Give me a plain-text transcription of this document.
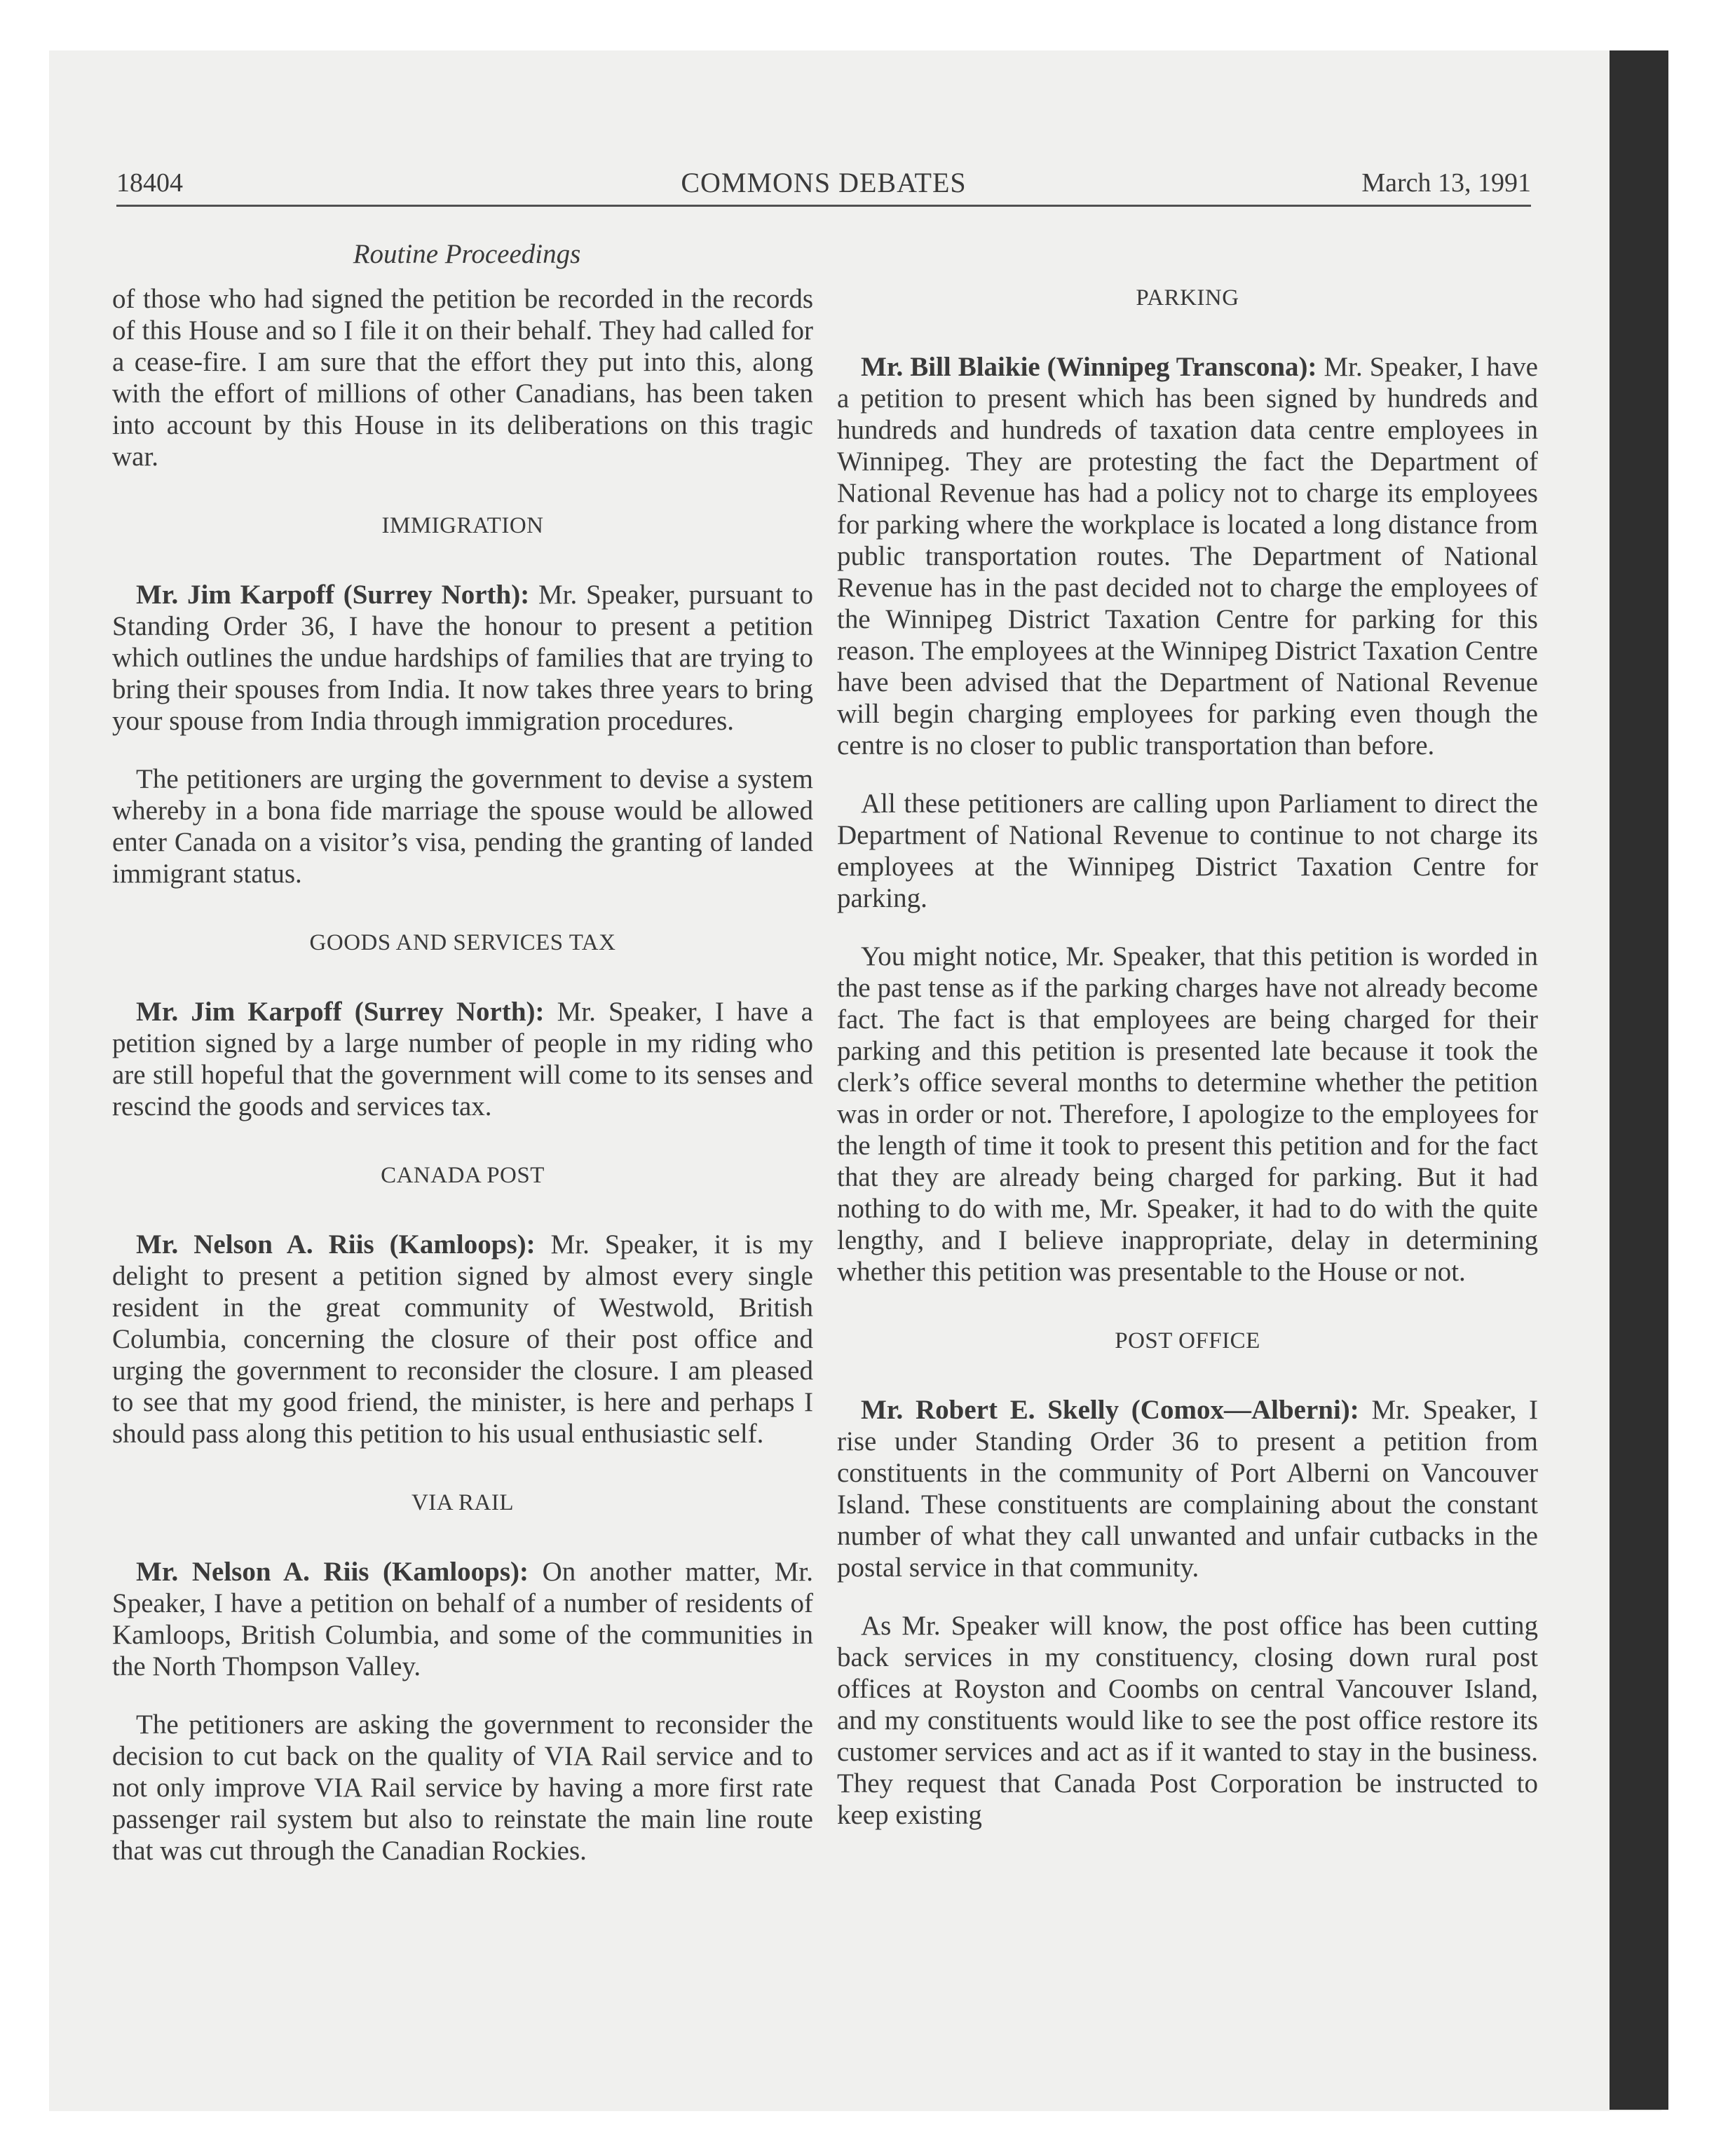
18404	COMMONS DEBATES	March 13, 1991
Routine Proceedings

of those who had signed the petition be recorded in the records of this House and so I file it on their behalf. They had called for a cease-fire. I am sure that the effort they put into this, along with the effort of millions of other Canadians, has been taken into account by this House in its deliberations on this tragic war.

IMMIGRATION

Mr. Jim Karpoff (Surrey North): Mr. Speaker, pursuant to Standing Order 36, I have the honour to present a petition which outlines the undue hardships of families that are trying to bring their spouses from India. It now takes three years to bring your spouse from India through immigration procedures.

The petitioners are urging the government to devise a system whereby in a bona fide marriage the spouse would be allowed enter Canada on a visitor’s visa, pending the granting of landed immigrant status.

GOODS AND SERVICES TAX

Mr. Jim Karpoff (Surrey North): Mr. Speaker, I have a petition signed by a large number of people in my riding who are still hopeful that the government will come to its senses and rescind the goods and services tax.

CANADA POST

Mr. Nelson A. Riis (Kamloops): Mr. Speaker, it is my delight to present a petition signed by almost every single resident in the great community of Westwold, British Columbia, concerning the closure of their post office and urging the government to reconsider the closure. I am pleased to see that my good friend, the minister, is here and perhaps I should pass along this petition to his usual enthusiastic self.

VIA RAIL

Mr. Nelson A. Riis (Kamloops): On another matter, Mr. Speaker, I have a petition on behalf of a number of residents of Kamloops, British Columbia, and some of the communities in the North Thompson Valley.

The petitioners are asking the government to reconsider the decision to cut back on the quality of VIA Rail service and to not only improve VIA Rail service by having a more first rate passenger rail system but also to reinstate the main line route that was cut through the Canadian Rockies.

PARKING

Mr. Bill Blaikie (Winnipeg Transcona): Mr. Speaker, I have a petition to present which has been signed by hundreds and hundreds and hundreds of taxation data centre employees in Winnipeg. They are protesting the fact the Department of National Revenue has had a policy not to charge its employees for parking where the workplace is located a long distance from public transportation routes. The Department of National Revenue has in the past decided not to charge the employees of the Winnipeg District Taxation Centre for parking for this reason. The employees at the Winnipeg District Taxation Centre have been advised that the Department of National Revenue will begin charging employees for parking even though the centre is no closer to public transportation than before.

All these petitioners are calling upon Parliament to direct the Department of National Revenue to continue to not charge its employees at the Winnipeg District Taxation Centre for parking.

You might notice, Mr. Speaker, that this petition is worded in the past tense as if the parking charges have not already become fact. The fact is that employees are being charged for their parking and this petition is presented late because it took the clerk’s office several months to determine whether the petition was in order or not. Therefore, I apologize to the employees for the length of time it took to present this petition and for the fact that they are already being charged for parking. But it had nothing to do with me, Mr. Speaker, it had to do with the quite lengthy, and I believe inappropriate, delay in determining whether this petition was presentable to the House or not.

POST OFFICE

Mr. Robert E. Skelly (Comox—Alberni): Mr. Speaker, I rise under Standing Order 36 to present a petition from constituents in the community of Port Alberni on Vancouver Island. These constituents are complaining about the constant number of what they call unwanted and unfair cutbacks in the postal service in that community.

As Mr. Speaker will know, the post office has been cutting back services in my constituency, closing down rural post offices at Royston and Coombs on central Vancouver Island, and my constituents would like to see the post office restore its customer services and act as if it wanted to stay in the business. They request that Canada Post Corporation be instructed to keep existing
